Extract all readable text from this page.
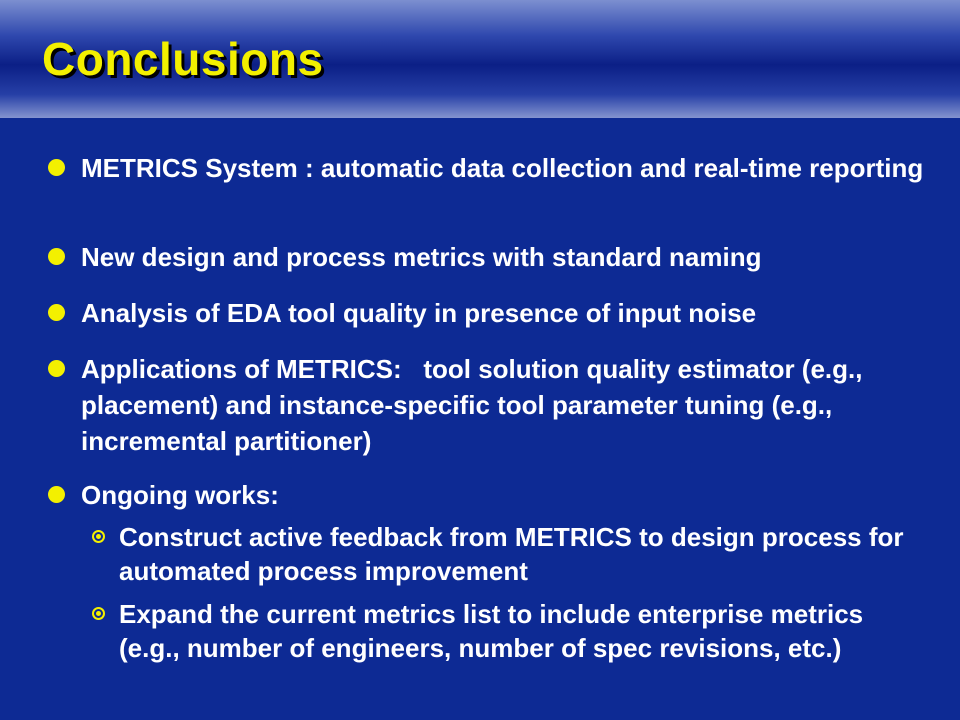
Conclusions
METRICS System : automatic data collection and real-time reporting
New design and process metrics with standard naming
Analysis of EDA tool quality in presence of input noise
Applications of METRICS:   tool solution quality estimator (e.g., placement) and instance-specific tool parameter tuning (e.g., incremental partitioner)
Ongoing works:
Construct active feedback from METRICS to design process for automated process improvement
Expand the current metrics list to include enterprise metrics (e.g., number of engineers, number of spec revisions, etc.)
